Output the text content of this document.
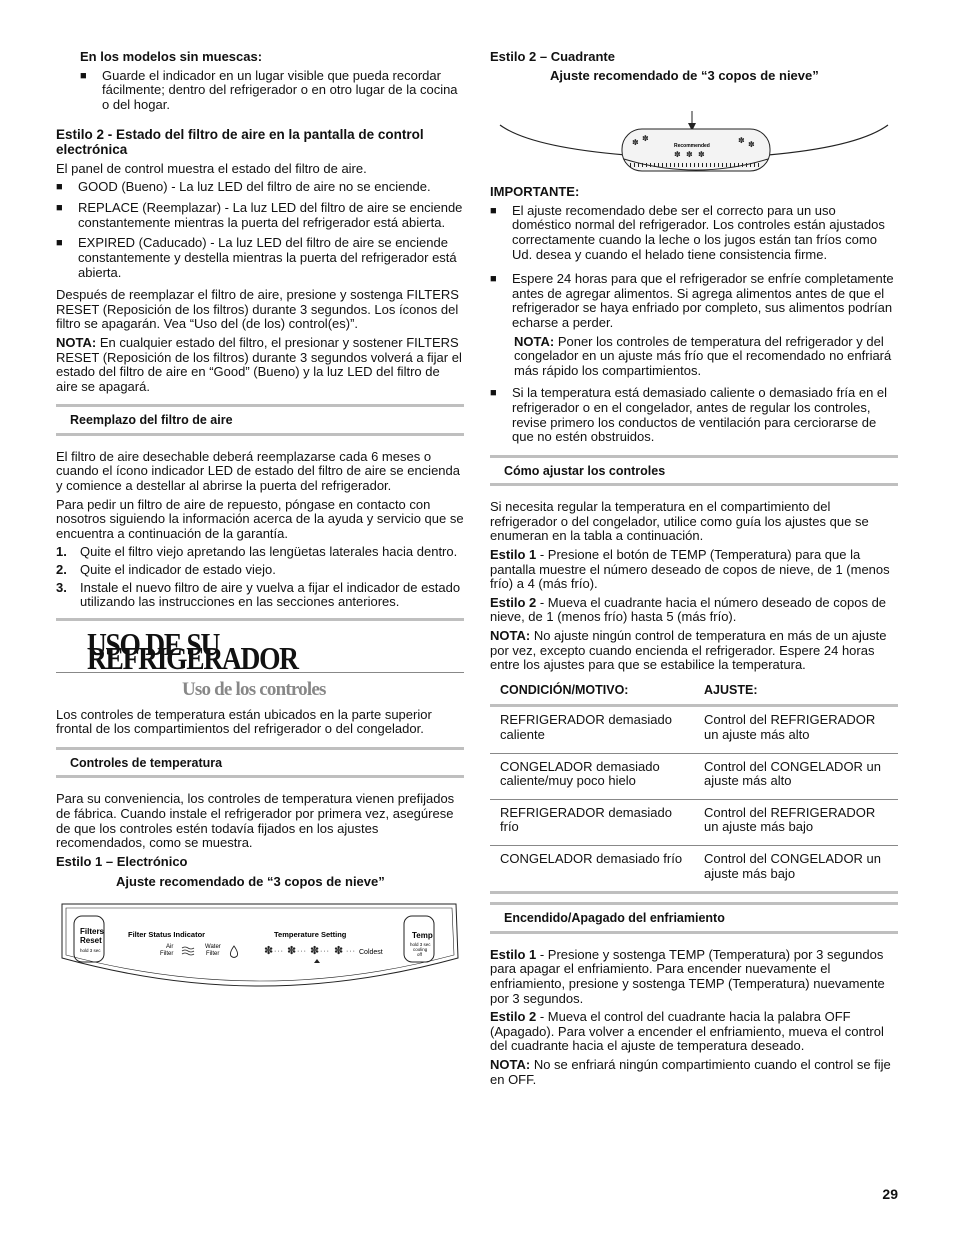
En los modelos sin muescas:

■	Guarde el indicador en un lugar visible que pueda recordar fácilmente; dentro del refrigerador o en otro lugar de la cocina o del hogar.

Estilo 2 - Estado del filtro de aire en la pantalla de control electrónica

El panel de control muestra el estado del filtro de aire.

■	GOOD (Bueno) - La luz LED del filtro de aire no se enciende.
■	REPLACE (Reemplazar) - La luz LED del filtro de aire se enciende constantemente mientras la puerta del refrigerador está abierta.
■	EXPIRED (Caducado) - La luz LED del filtro de aire se enciende constantemente y destella mientras la puerta del refrigerador está abierta.

Después de reemplazar el filtro de aire, presione y sostenga FILTERS RESET (Reposición de los filtros) durante 3 segundos. Los íconos del filtro se apagarán. Vea “Uso del (de los) control(es)”.

NOTA: En cualquier estado del filtro, el presionar y sostener FILTERS RESET (Reposición de los filtros) durante 3 segundos volverá a fijar el estado del filtro de aire en “Good” (Bueno) y la luz LED del filtro de aire se apagará.

Reemplazo del filtro de aire

El filtro de aire desechable deberá reemplazarse cada 6 meses o cuando el ícono indicador LED de estado del filtro de aire se encienda y comience a destellar al abrirse la puerta del refrigerador.

Para pedir un filtro de aire de repuesto, póngase en contacto con nosotros siguiendo la información acerca de la ayuda y servicio que se encuentra a continuación de la garantía.

1.	Quite el filtro viejo apretando las lengüetas laterales hacia dentro.
2.	Quite el indicador de estado viejo.
3.	Instale el nuevo filtro de aire y vuelva a fijar el indicador de estado utilizando las instrucciones en las secciones anteriores.
USO DE SU REFRIGERADOR
Uso de los controles

Los controles de temperatura están ubicados en la parte superior frontal de los compartimientos del refrigerador o del congelador.

Controles de temperatura

Para su conveniencia, los controles de temperatura vienen prefijados de fábrica. Cuando instale el refrigerador por primera vez, asegúrese de que los controles estén todavía fijados en los ajustes recomendados, como se muestra.

Estilo 1 – Electrónico

Ajuste recomendado de “3 copos de nieve”

Filters
Reset
hold 3 sec
Filter Status Indicator
Air
Filter
Water
Filter
Temperature Setting
✽ ✽ ✽ ✽
··· ··· ··· ··· Coldest
Temp
hold 3 sec
cooling
off

Estilo 2 – Cuadrante

Ajuste recomendado de “3 copos de nieve”

Recommended
✽ ✽
✽ ✽ ✽
✽ ✽

IMPORTANTE:

■	El ajuste recomendado debe ser el correcto para un uso doméstico normal del refrigerador. Los controles están ajustados correctamente cuando la leche o los jugos están tan fríos como Ud. desea y cuando el helado tiene consistencia firme.
■	Espere 24 horas para que el refrigerador se enfríe completamente antes de agregar alimentos. Si agrega alimentos antes de que el refrigerador se haya enfriado por completo, sus alimentos podrían echarse a perder.

NOTA: Poner los controles de temperatura del refrigerador y del congelador en un ajuste más frío que el recomendado no enfriará más rápido los compartimientos.

■	Si la temperatura está demasiado caliente o demasiado fría en el refrigerador o en el congelador, antes de regular los controles, revise primero los conductos de ventilación para cerciorarse de que no estén obstruidos.
Cómo ajustar los controles

Si necesita regular la temperatura en el compartimiento del refrigerador o del congelador, utilice como guía los ajustes que se enumeran en la tabla a continuación.

Estilo 1 - Presione el botón de TEMP (Temperatura) para que la pantalla muestre el número deseado de copos de nieve, de 1 (menos frío) a 4 (más frío).

Estilo 2 - Mueva el cuadrante hacia el número deseado de copos de nieve, de 1 (menos frío) hasta 5 (más frío).

NOTA: No ajuste ningún control de temperatura en más de un ajuste por vez, excepto cuando encienda el refrigerador. Espere 24 horas entre los ajustes para que se estabilice la temperatura.

CONDICIÓN/MOTIVO:	AJUSTE:
REFRIGERADOR demasiado caliente	Control del REFRIGERADOR un ajuste más alto
CONGELADOR demasiado caliente/muy poco hielo	Control del CONGELADOR un ajuste más alto
REFRIGERADOR demasiado frío	Control del REFRIGERADOR un ajuste más bajo
CONGELADOR demasiado frío	Control del CONGELADOR un ajuste más bajo
Encendido/Apagado del enfriamiento

Estilo 1 - Presione y sostenga TEMP (Temperatura) por 3 segundos para apagar el enfriamiento. Para encender nuevamente el enfriamiento, presione y sostenga TEMP (Temperatura) nuevamente por 3 segundos.

Estilo 2 - Mueva el control del cuadrante hacia la palabra OFF (Apagado). Para volver a encender el enfriamiento, mueva el control del cuadrante hacia el ajuste de temperatura deseado.

NOTA: No se enfriará ningún compartimiento cuando el control se fije en OFF.

29
